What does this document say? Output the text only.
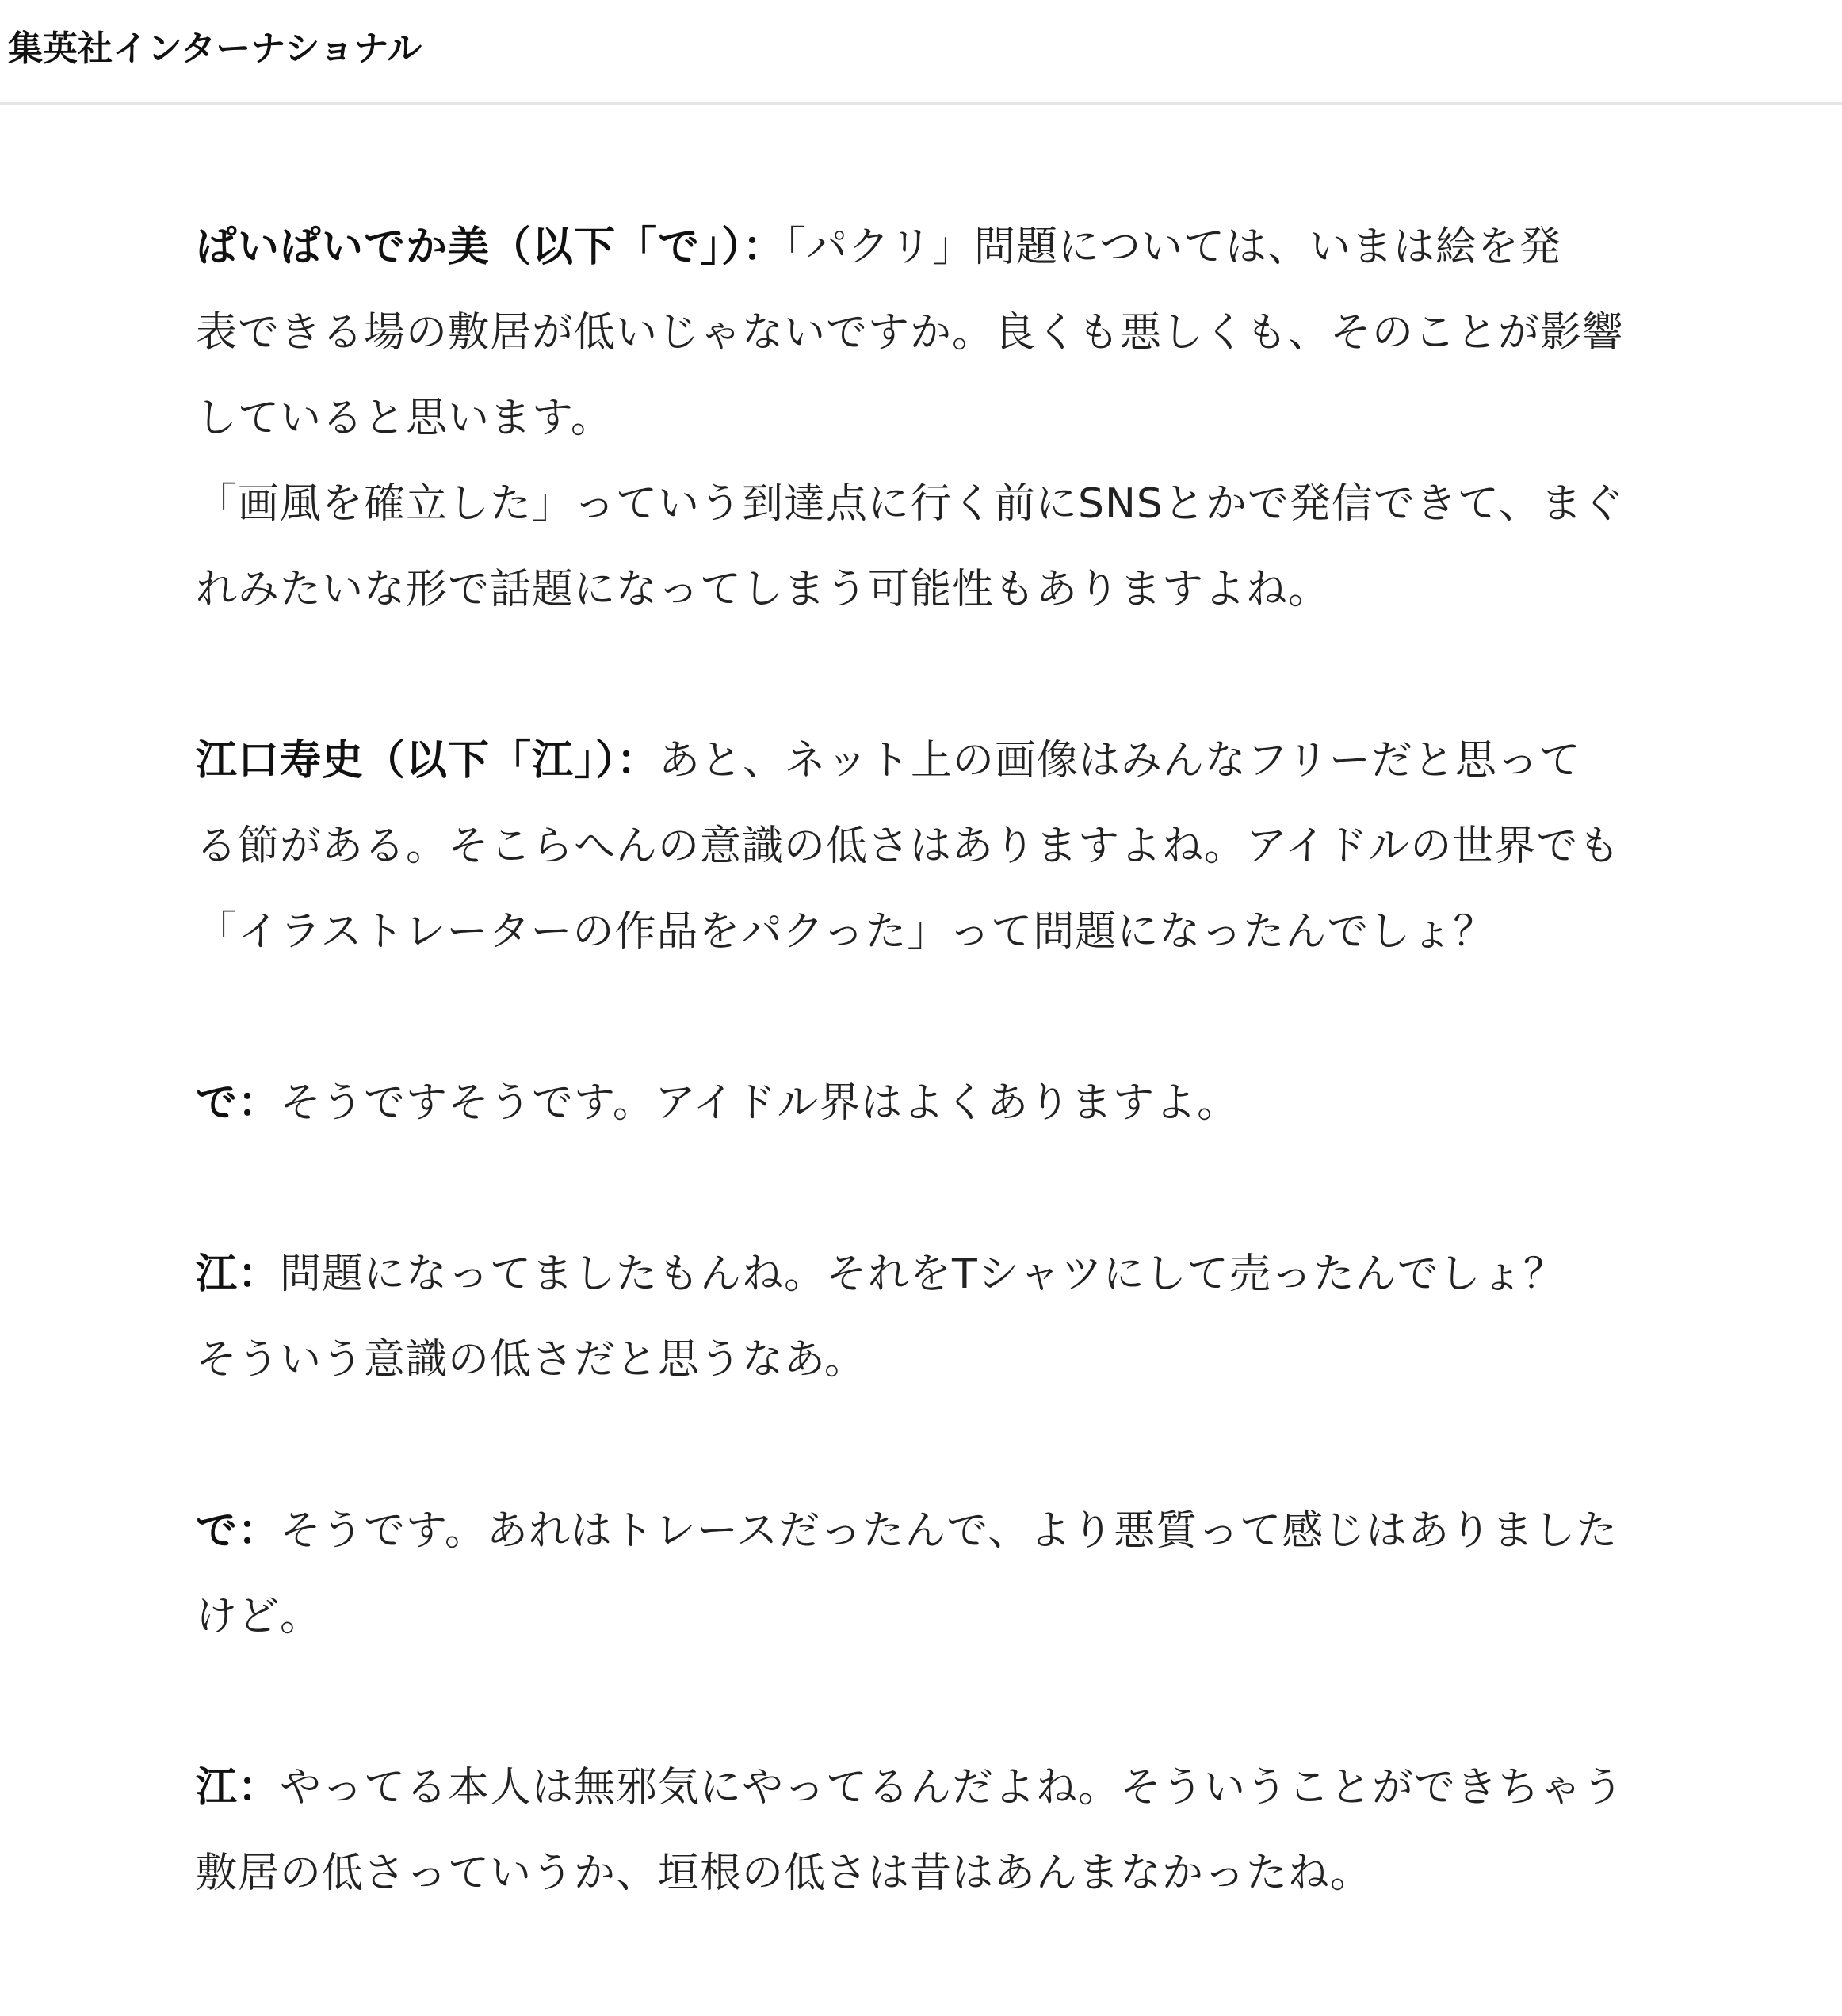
集英社インターナショナル

ぱいぱいでか美（以下「で」）：「パクリ」問題については、いまは絵を発
表できる場の敷居が低いじゃないですか。良くも悪しくも、そのことが影響
していると思います。
「画風を確立した」っていう到達点に行く前にSNSとかで発信できて、まぐ
れみたいな形で話題になってしまう可能性もありますよね。

江口寿史（以下「江」）：あと、ネット上の画像はみんなフリーだと思って
る節がある。そこらへんの意識の低さはありますよね。アイドルの世界でも
「イラストレーターの作品をパクった」って問題になったんでしょ？

で：そうですそうです。アイドル界はよくありますよ。

江：問題になってましたもんね。それをTシャツにして売ったんでしょ？
そういう意識の低さだと思うなあ。

で：そうです。あれはトレースだったんで、より悪質って感じはありました
けど。

江：やってる本人は無邪気にやってるんだよね。そういうことができちゃう
敷居の低さっていうか、垣根の低さは昔はあんまなかったね。
